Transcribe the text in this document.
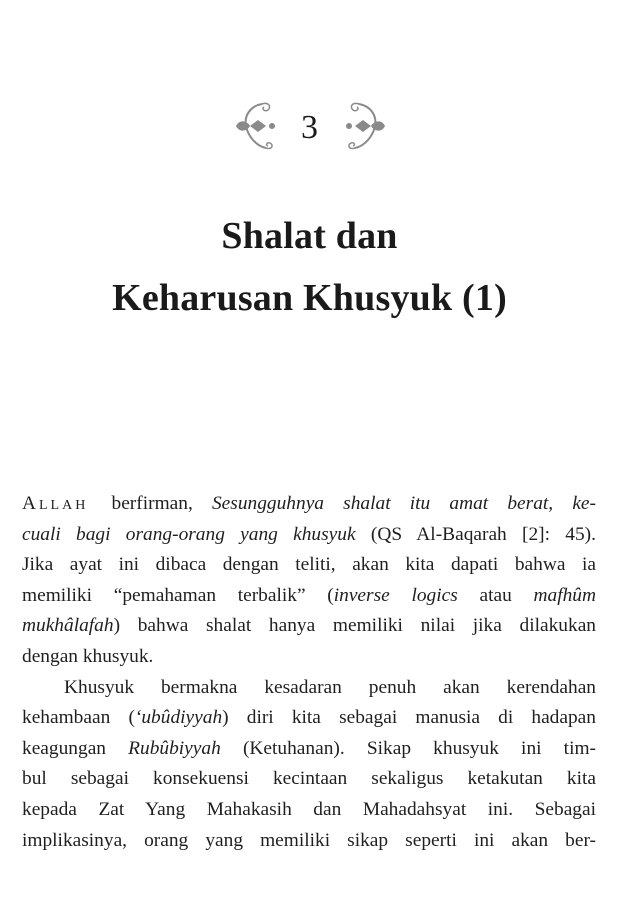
3
Shalat dan
Keharusan Khusyuk (1)
Allah berfirman, Sesungguhnya shalat itu amat berat, ke-
cuali bagi orang-orang yang khusyuk (QS Al-Baqarah [2]: 45).
Jika ayat ini dibaca dengan teliti, akan kita dapati bahwa ia
memiliki “pemahaman terbalik” (inverse logics atau mafhûm
mukhâlafah) bahwa shalat hanya memiliki nilai jika dilakukan
dengan khusyuk.
Khusyuk bermakna kesadaran penuh akan kerendahan
kehambaan (‘ubûdiyyah) diri kita sebagai manusia di hadapan
keagungan Rubûbiyyah (Ketuhanan). Sikap khusyuk ini tim-
bul sebagai konsekuensi kecintaan sekaligus ketakutan kita
kepada Zat Yang Mahakasih dan Mahadahsyat ini. Sebagai
implikasinya, orang yang memiliki sikap seperti ini akan ber-
